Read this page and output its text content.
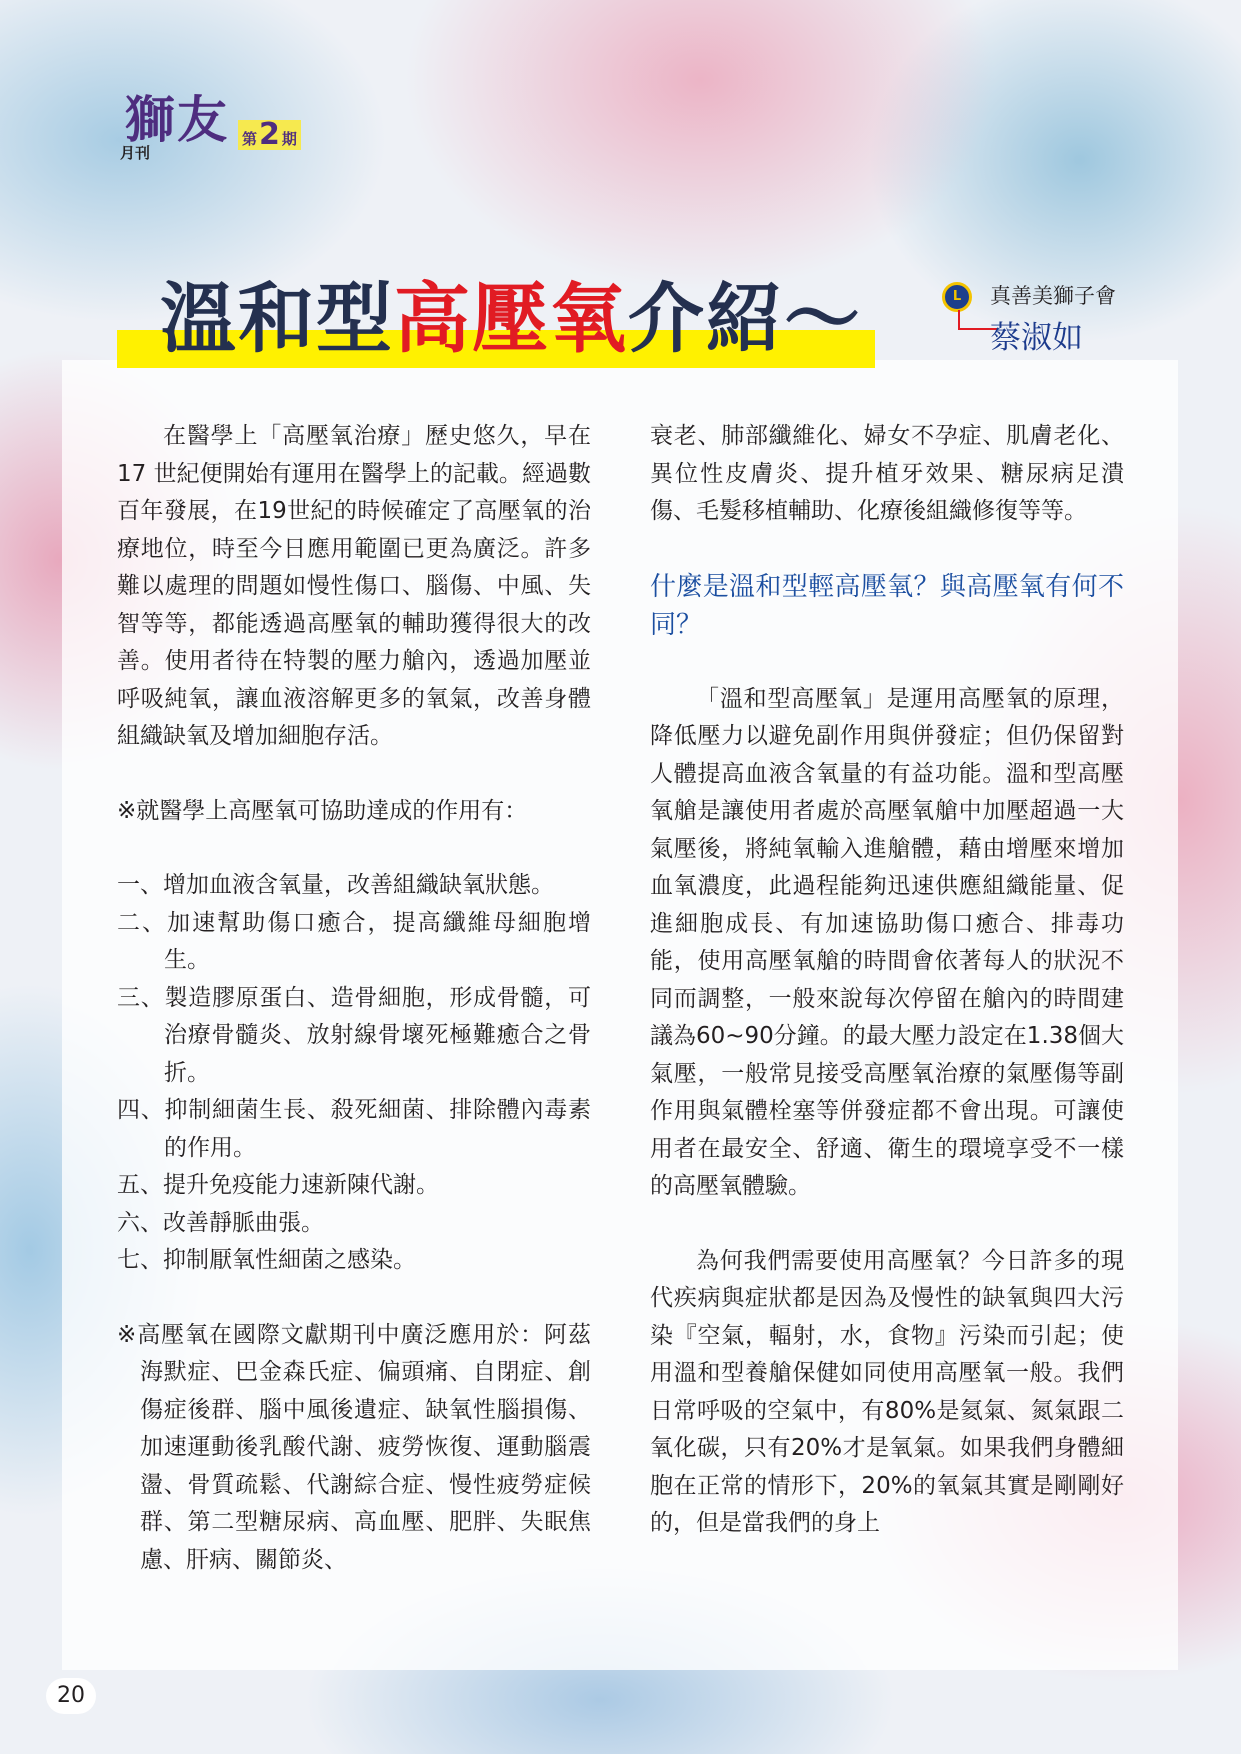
獅友
月刊
第 2 期
溫和型高壓氧介紹～	L	真善美獅子會
蔡淑如

在醫學上「高壓氧治療」歷史悠久，早在 17 世紀便開始有運用在醫學上的記載。經過數百年發展，在19世紀的時候確定了高壓氧的治療地位，時至今日應用範圍已更為廣泛。許多難以處理的問題如慢性傷口、腦傷、中風、失智等等，都能透過高壓氧的輔助獲得很大的改善。使用者待在特製的壓力艙內，透過加壓並呼吸純氧，讓血液溶解更多的氧氣，改善身體組織缺氧及增加細胞存活。

※就醫學上高壓氧可協助達成的作用有：

一、增加血液含氧量，改善組織缺氧狀態。

二、加速幫助傷口癒合，提高纖維母細胞增生。

三、製造膠原蛋白、造骨細胞，形成骨髓，可治療骨髓炎、放射線骨壞死極難癒合之骨折。

四、抑制細菌生長、殺死細菌、排除體內毒素的作用。

五、提升免疫能力速新陳代謝。

六、改善靜脈曲張。

七、抑制厭氧性細菌之感染。

※高壓氧在國際文獻期刊中廣泛應用於：阿茲海默症、巴金森氏症、偏頭痛、自閉症、創傷症後群、腦中風後遺症、缺氧性腦損傷、加速運動後乳酸代謝、疲勞恢復、運動腦震盪、骨質疏鬆、代謝綜合症、慢性疲勞症候群、第二型糖尿病、高血壓、肥胖、失眠焦慮、肝病、關節炎、

衰老、肺部纖維化、婦女不孕症、肌膚老化、異位性皮膚炎、提升植牙效果、糖尿病足潰傷、毛髮移植輔助、化療後組織修復等等。

什麼是溫和型輕高壓氧？與高壓氧有何不同？

「溫和型高壓氧」是運用高壓氧的原理，降低壓力以避免副作用與併發症；但仍保留對人體提高血液含氧量的有益功能。溫和型高壓氧艙是讓使用者處於高壓氧艙中加壓超過一大氣壓後，將純氧輸入進艙體，藉由增壓來增加血氧濃度，此過程能夠迅速供應組織能量、促進細胞成長、有加速協助傷口癒合、排毒功能，使用高壓氧艙的時間會依著每人的狀況不同而調整，一般來說每次停留在艙內的時間建議為60~90分鐘。的最大壓力設定在1.38個大氣壓，一般常見接受高壓氧治療的氣壓傷等副作用與氣體栓塞等併發症都不會出現。可讓使用者在最安全、舒適、衛生的環境享受不一樣的高壓氧體驗。

為何我們需要使用高壓氧？今日許多的現代疾病與症狀都是因為及慢性的缺氧與四大污染『空氣，輻射，水，食物』污染而引起；使用溫和型養艙保健如同使用高壓氧一般。我們日常呼吸的空氣中，有80%是氦氣、氮氣跟二氧化碳，只有20%才是氧氣。如果我們身體細胞在正常的情形下，20%的氧氣其實是剛剛好的，但是當我們的身上

20
